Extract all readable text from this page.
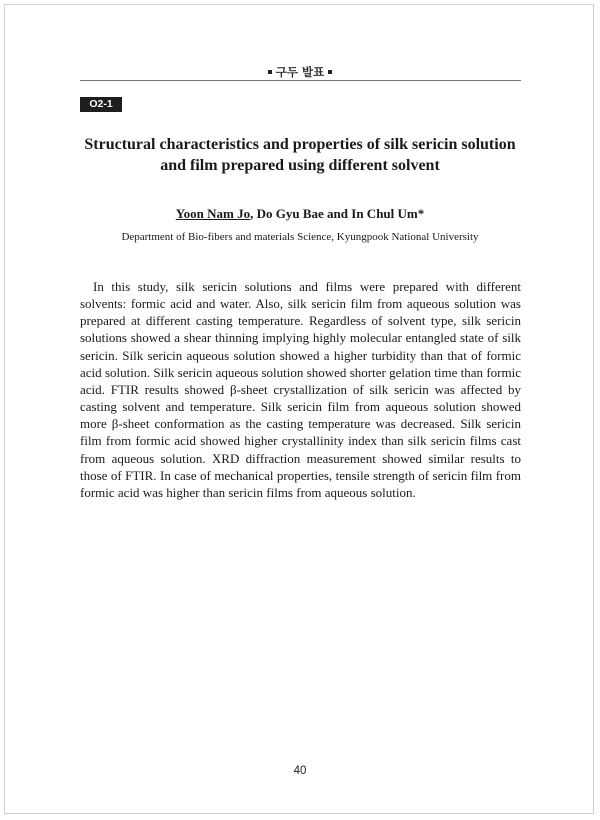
구두 발표
O2-1
Structural characteristics and properties of silk sericin solution
and film prepared using different solvent
Yoon Nam Jo, Do Gyu Bae and In Chul Um*
Department of Bio-fibers and materials Science, Kyungpook National University

In this study, silk sericin solutions and films were prepared with different solvents: formic acid and water. Also, silk sericin film from aqueous solution was prepared at different casting temperature. Regardless of solvent type, silk sericin solutions showed a shear thinning implying highly molecular entangled state of silk sericin. Silk sericin aqueous solution showed a higher turbidity than that of formic acid solution. Silk sericin aqueous solution showed shorter gelation time than formic acid. FTIR results showed β-sheet crystallization of silk sericin was affected by casting solvent and temperature. Silk sericin film from aqueous solution showed more β-sheet conformation as the casting temperature was decreased. Silk sericin film from formic acid showed higher crystallinity index than silk sericin films cast from aqueous solution. XRD diffraction measurement showed similar results to those of FTIR. In case of mechanical properties, tensile strength of sericin film from formic acid was higher than sericin films from aqueous solution.

40
